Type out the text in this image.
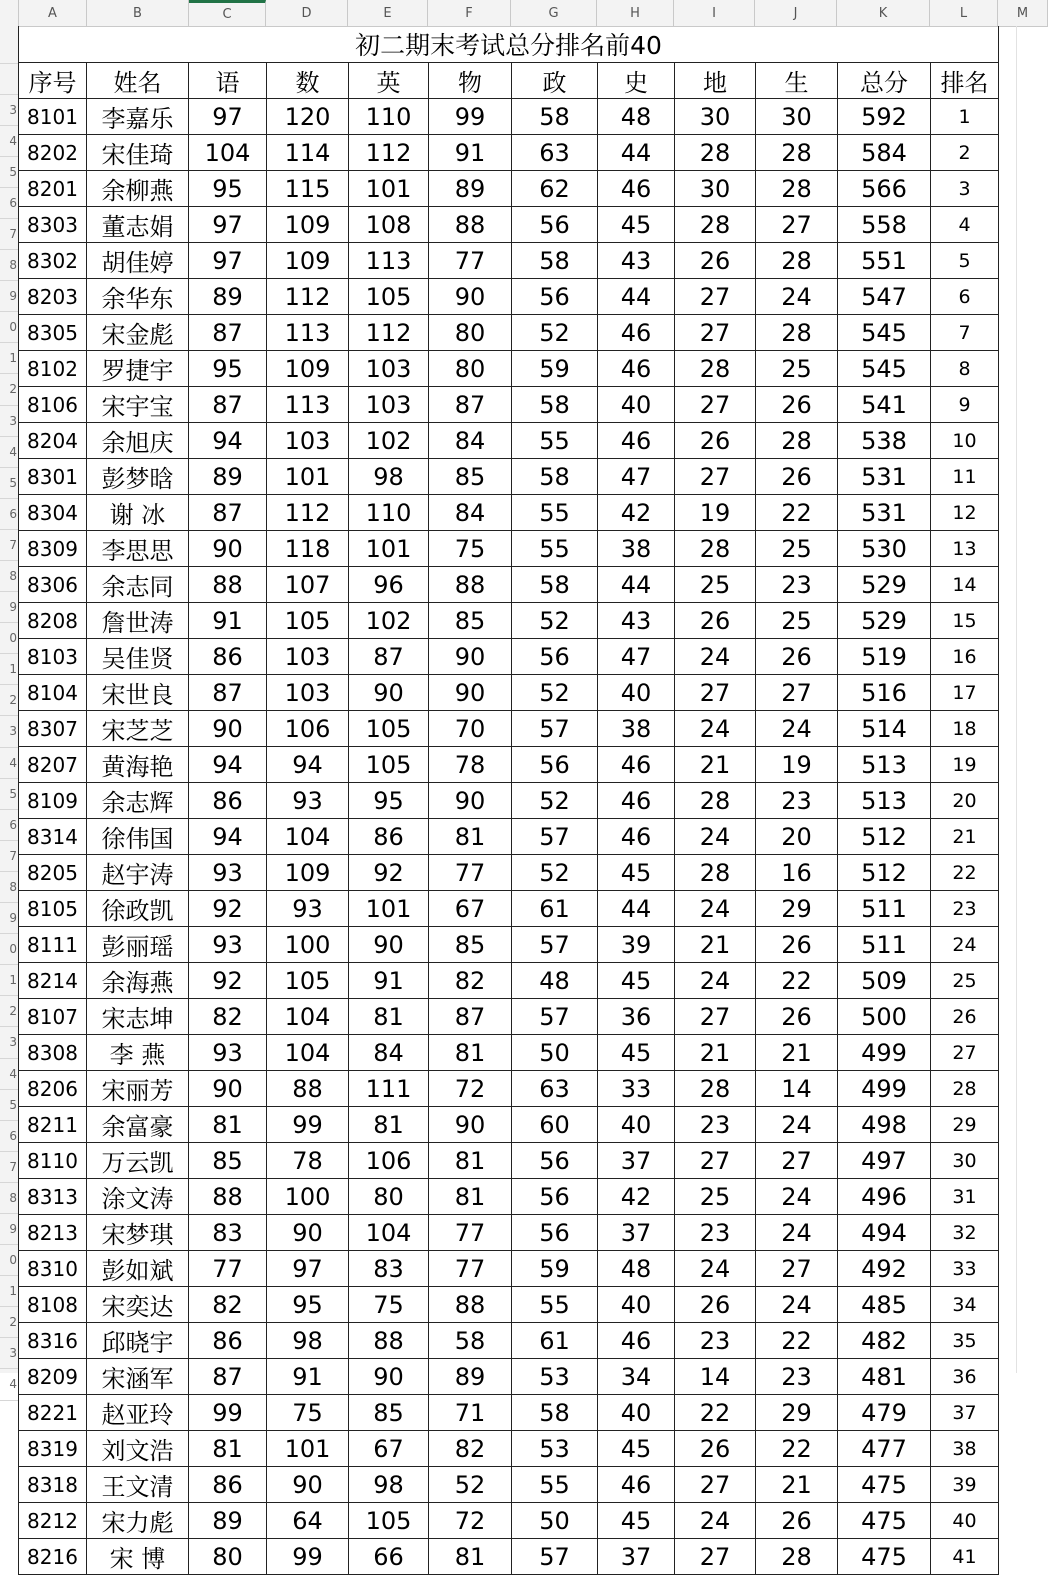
A	B	C	D	E	F	G	H	I	J	K	L	M
3
4
5
6
7
8
9
0
1
2
3
4
5
6
7
8
9
0
1
2
3
4
5
6
7
8
9
0
1
2
3
4
5
6
7
8
9
0
1
2
3
4
初二期末考试总分排名前40											
序号	姓名	语	数	英	物	政	史	地	生	总分	排名
8101	李嘉乐	97	120	110	99	58	48	30	30	592	1
8202	宋佳琦	104	114	112	91	63	44	28	28	584	2
8201	余柳燕	95	115	101	89	62	46	30	28	566	3
8303	董志娟	97	109	108	88	56	45	28	27	558	4
8302	胡佳婷	97	109	113	77	58	43	26	28	551	5
8203	余华东	89	112	105	90	56	44	27	24	547	6
8305	宋金彪	87	113	112	80	52	46	27	28	545	7
8102	罗捷宇	95	109	103	80	59	46	28	25	545	8
8106	宋宇宝	87	113	103	87	58	40	27	26	541	9
8204	余旭庆	94	103	102	84	55	46	26	28	538	10
8301	彭梦晗	89	101	98	85	58	47	27	26	531	11
8304	谢 冰	87	112	110	84	55	42	19	22	531	12
8309	李思思	90	118	101	75	55	38	28	25	530	13
8306	余志同	88	107	96	88	58	44	25	23	529	14
8208	詹世涛	91	105	102	85	52	43	26	25	529	15
8103	吴佳贤	86	103	87	90	56	47	24	26	519	16
8104	宋世良	87	103	90	90	52	40	27	27	516	17
8307	宋芝芝	90	106	105	70	57	38	24	24	514	18
8207	黄海艳	94	94	105	78	56	46	21	19	513	19
8109	余志辉	86	93	95	90	52	46	28	23	513	20
8314	徐伟国	94	104	86	81	57	46	24	20	512	21
8205	赵宇涛	93	109	92	77	52	45	28	16	512	22
8105	徐政凯	92	93	101	67	61	44	24	29	511	23
8111	彭丽瑶	93	100	90	85	57	39	21	26	511	24
8214	余海燕	92	105	91	82	48	45	24	22	509	25
8107	宋志坤	82	104	81	87	57	36	27	26	500	26
8308	李 燕	93	104	84	81	50	45	21	21	499	27
8206	宋丽芳	90	88	111	72	63	33	28	14	499	28
8211	余富豪	81	99	81	90	60	40	23	24	498	29
8110	万云凯	85	78	106	81	56	37	27	27	497	30
8313	涂文涛	88	100	80	81	56	42	25	24	496	31
8213	宋梦琪	83	90	104	77	56	37	23	24	494	32
8310	彭如斌	77	97	83	77	59	48	24	27	492	33
8108	宋奕达	82	95	75	88	55	40	26	24	485	34
8316	邱晓宇	86	98	88	58	61	46	23	22	482	35
8209	宋涵军	87	91	90	89	53	34	14	23	481	36
8221	赵亚玲	99	75	85	71	58	40	22	29	479	37
8319	刘文浩	81	101	67	82	53	45	26	22	477	38
8318	王文清	86	90	98	52	55	46	27	21	475	39
8212	宋力彪	89	64	105	72	50	45	24	26	475	40
8216	宋 博	80	99	66	81	57	37	27	28	475	41
